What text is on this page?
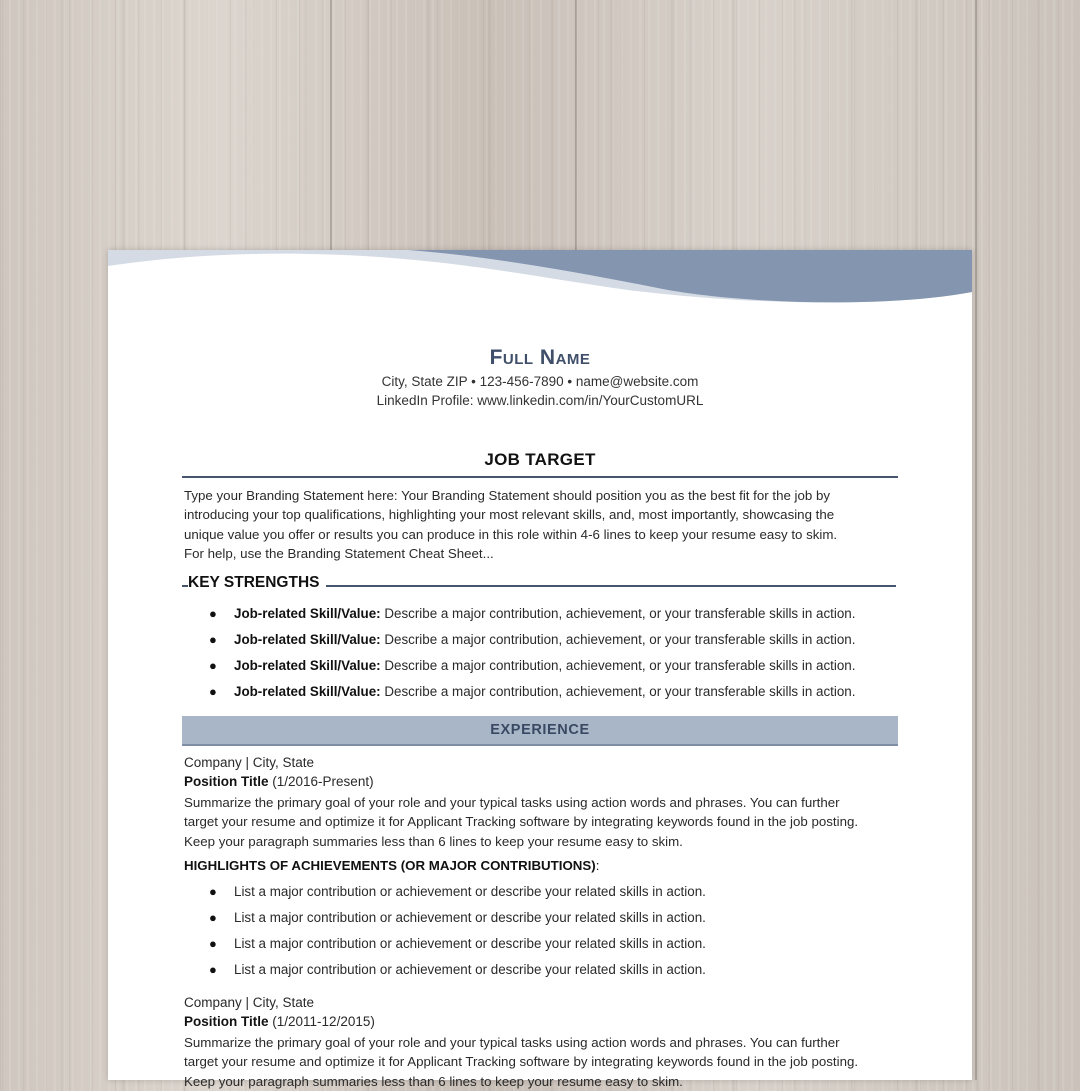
Full Name
City, State ZIP • 123-456-7890 • name@website.com
LinkedIn Profile: www.linkedin.com/in/YourCustomURL
JOB TARGET
Type your Branding Statement here: Your Branding Statement should position you as the best fit for the job by
introducing your top qualifications, highlighting your most relevant skills, and, most importantly, showcasing the
unique value you offer or results you can produce in this role within 4-6 lines to keep your resume easy to skim.
For help, use the Branding Statement Cheat Sheet...
KEY STRENGTHS
● Job-related Skill/Value: Describe a major contribution, achievement, or your transferable skills in action.
● Job-related Skill/Value: Describe a major contribution, achievement, or your transferable skills in action.
● Job-related Skill/Value: Describe a major contribution, achievement, or your transferable skills in action.
● Job-related Skill/Value: Describe a major contribution, achievement, or your transferable skills in action.
EXPERIENCE
Company | City, State
Position Title (1/2016-Present)
Summarize the primary goal of your role and your typical tasks using action words and phrases. You can further
target your resume and optimize it for Applicant Tracking software by integrating keywords found in the job posting.
Keep your paragraph summaries less than 6 lines to keep your resume easy to skim.
HIGHLIGHTS OF ACHIEVEMENTS (OR MAJOR CONTRIBUTIONS):
● List a major contribution or achievement or describe your related skills in action.
● List a major contribution or achievement or describe your related skills in action.
● List a major contribution or achievement or describe your related skills in action.
● List a major contribution or achievement or describe your related skills in action.
Company | City, State
Position Title (1/2011-12/2015)
Summarize the primary goal of your role and your typical tasks using action words and phrases. You can further
target your resume and optimize it for Applicant Tracking software by integrating keywords found in the job posting.
Keep your paragraph summaries less than 6 lines to keep your resume easy to skim.
